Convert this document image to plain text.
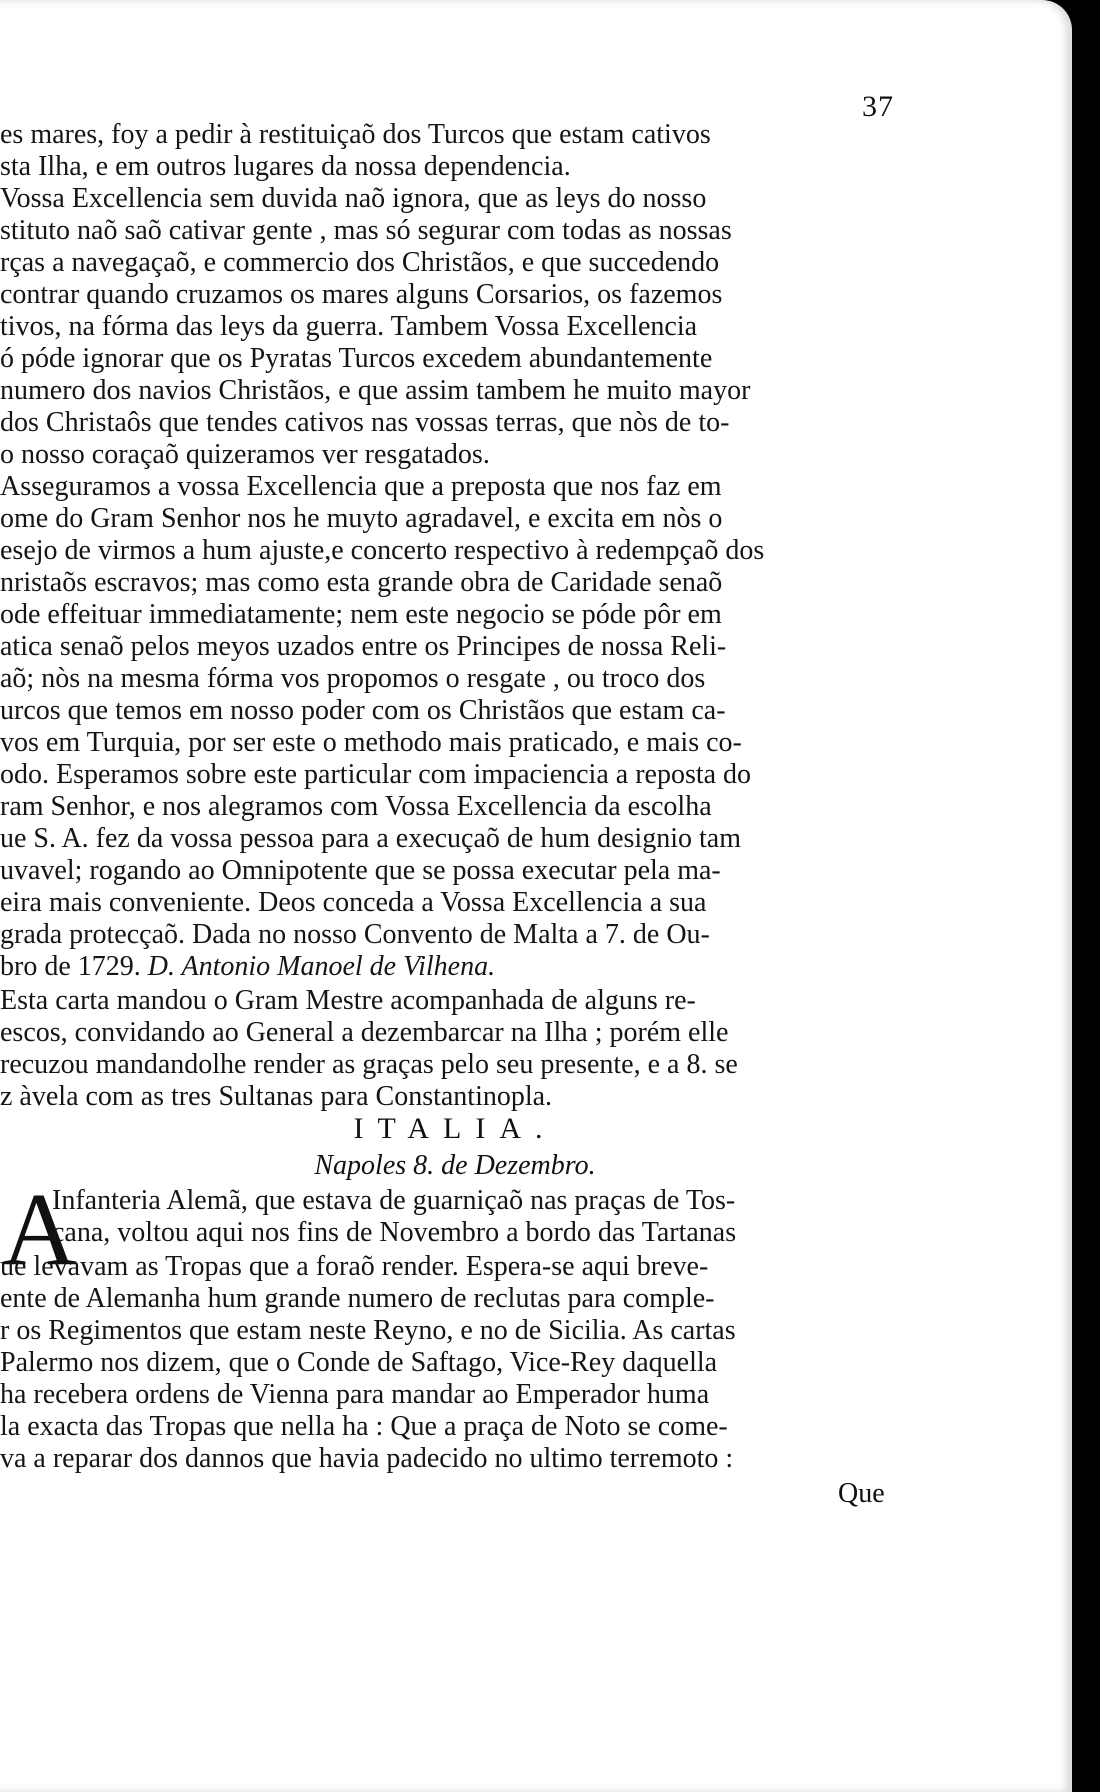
37
es mares, foy a pedir à restituiçaõ dos Turcos que estam cativos
sta Ilha, e em outros lugares da nossa dependencia.
Vossa Excellencia sem duvida naõ ignora, que as leys do nosso
stituto naõ saõ cativar gente , mas só segurar com todas as nossas
rças a navegaçaõ, e commercio dos Christãos, e que succedendo
contrar quando cruzamos os mares alguns Corsarios, os fazemos
tivos, na fórma das leys da guerra. Tambem Vossa Excellencia
ó póde ignorar que os Pyratas Turcos excedem abundantemente
numero dos navios Christãos, e que assim tambem he muito mayor
dos Christaôs que tendes cativos nas vossas terras, que nòs de to-
o nosso coraçaõ quizeramos ver resgatados.
Asseguramos a vossa Excellencia que a preposta que nos faz em
ome do Gram Senhor nos he muyto agradavel, e excita em nòs o
esejo de virmos a hum ajuste,e concerto respectivo à redempçaõ dos
nristaõs escravos; mas como esta grande obra de Caridade senaõ
ode effeituar immediatamente; nem este negocio se póde pôr em
atica senaõ pelos meyos uzados entre os Principes de nossa Reli-
aõ; nòs na mesma fórma vos propomos o resgate , ou troco dos
urcos que temos em nosso poder com os Christãos que estam ca-
vos em Turquia, por ser este o methodo mais praticado, e mais co-
odo. Esperamos sobre este particular com impaciencia a reposta do
ram Senhor, e nos alegramos com Vossa Excellencia da escolha
ue S. A. fez da vossa pessoa para a execuçaõ de hum designio tam
uvavel; rogando ao Omnipotente que se possa executar pela ma-
eira mais conveniente. Deos conceda a Vossa Excellencia a sua
grada protecçaõ. Dada no nosso Convento de Malta a 7. de Ou-
bro de 1729. D. Antonio Manoel de Vilhena.
Esta carta mandou o Gram Mestre acompanhada de alguns re-
escos, convidando ao General a dezembarcar na Ilha ; porém elle
recuzou mandandolhe render as graças pelo seu presente, e a 8. se
z àvela com as tres Sultanas para Constantinopla.
ITALIA.
Napoles 8. de Dezembro.
A
Infanteria Alemã, que estava de guarniçaõ nas praças de Tos-
cana, voltou aqui nos fins de Novembro a bordo das Tartanas
ue levavam as Tropas que a foraõ render. Espera-se aqui breve-
ente de Alemanha hum grande numero de reclutas para comple-
r os Regimentos que estam neste Reyno, e no de Sicilia. As cartas
Palermo nos dizem, que o Conde de Saftago, Vice-Rey daquella
ha recebera ordens de Vienna para mandar ao Emperador huma
la exacta das Tropas que nella ha : Que a praça de Noto se come-
va a reparar dos dannos que havia padecido no ultimo terremoto :
Que
